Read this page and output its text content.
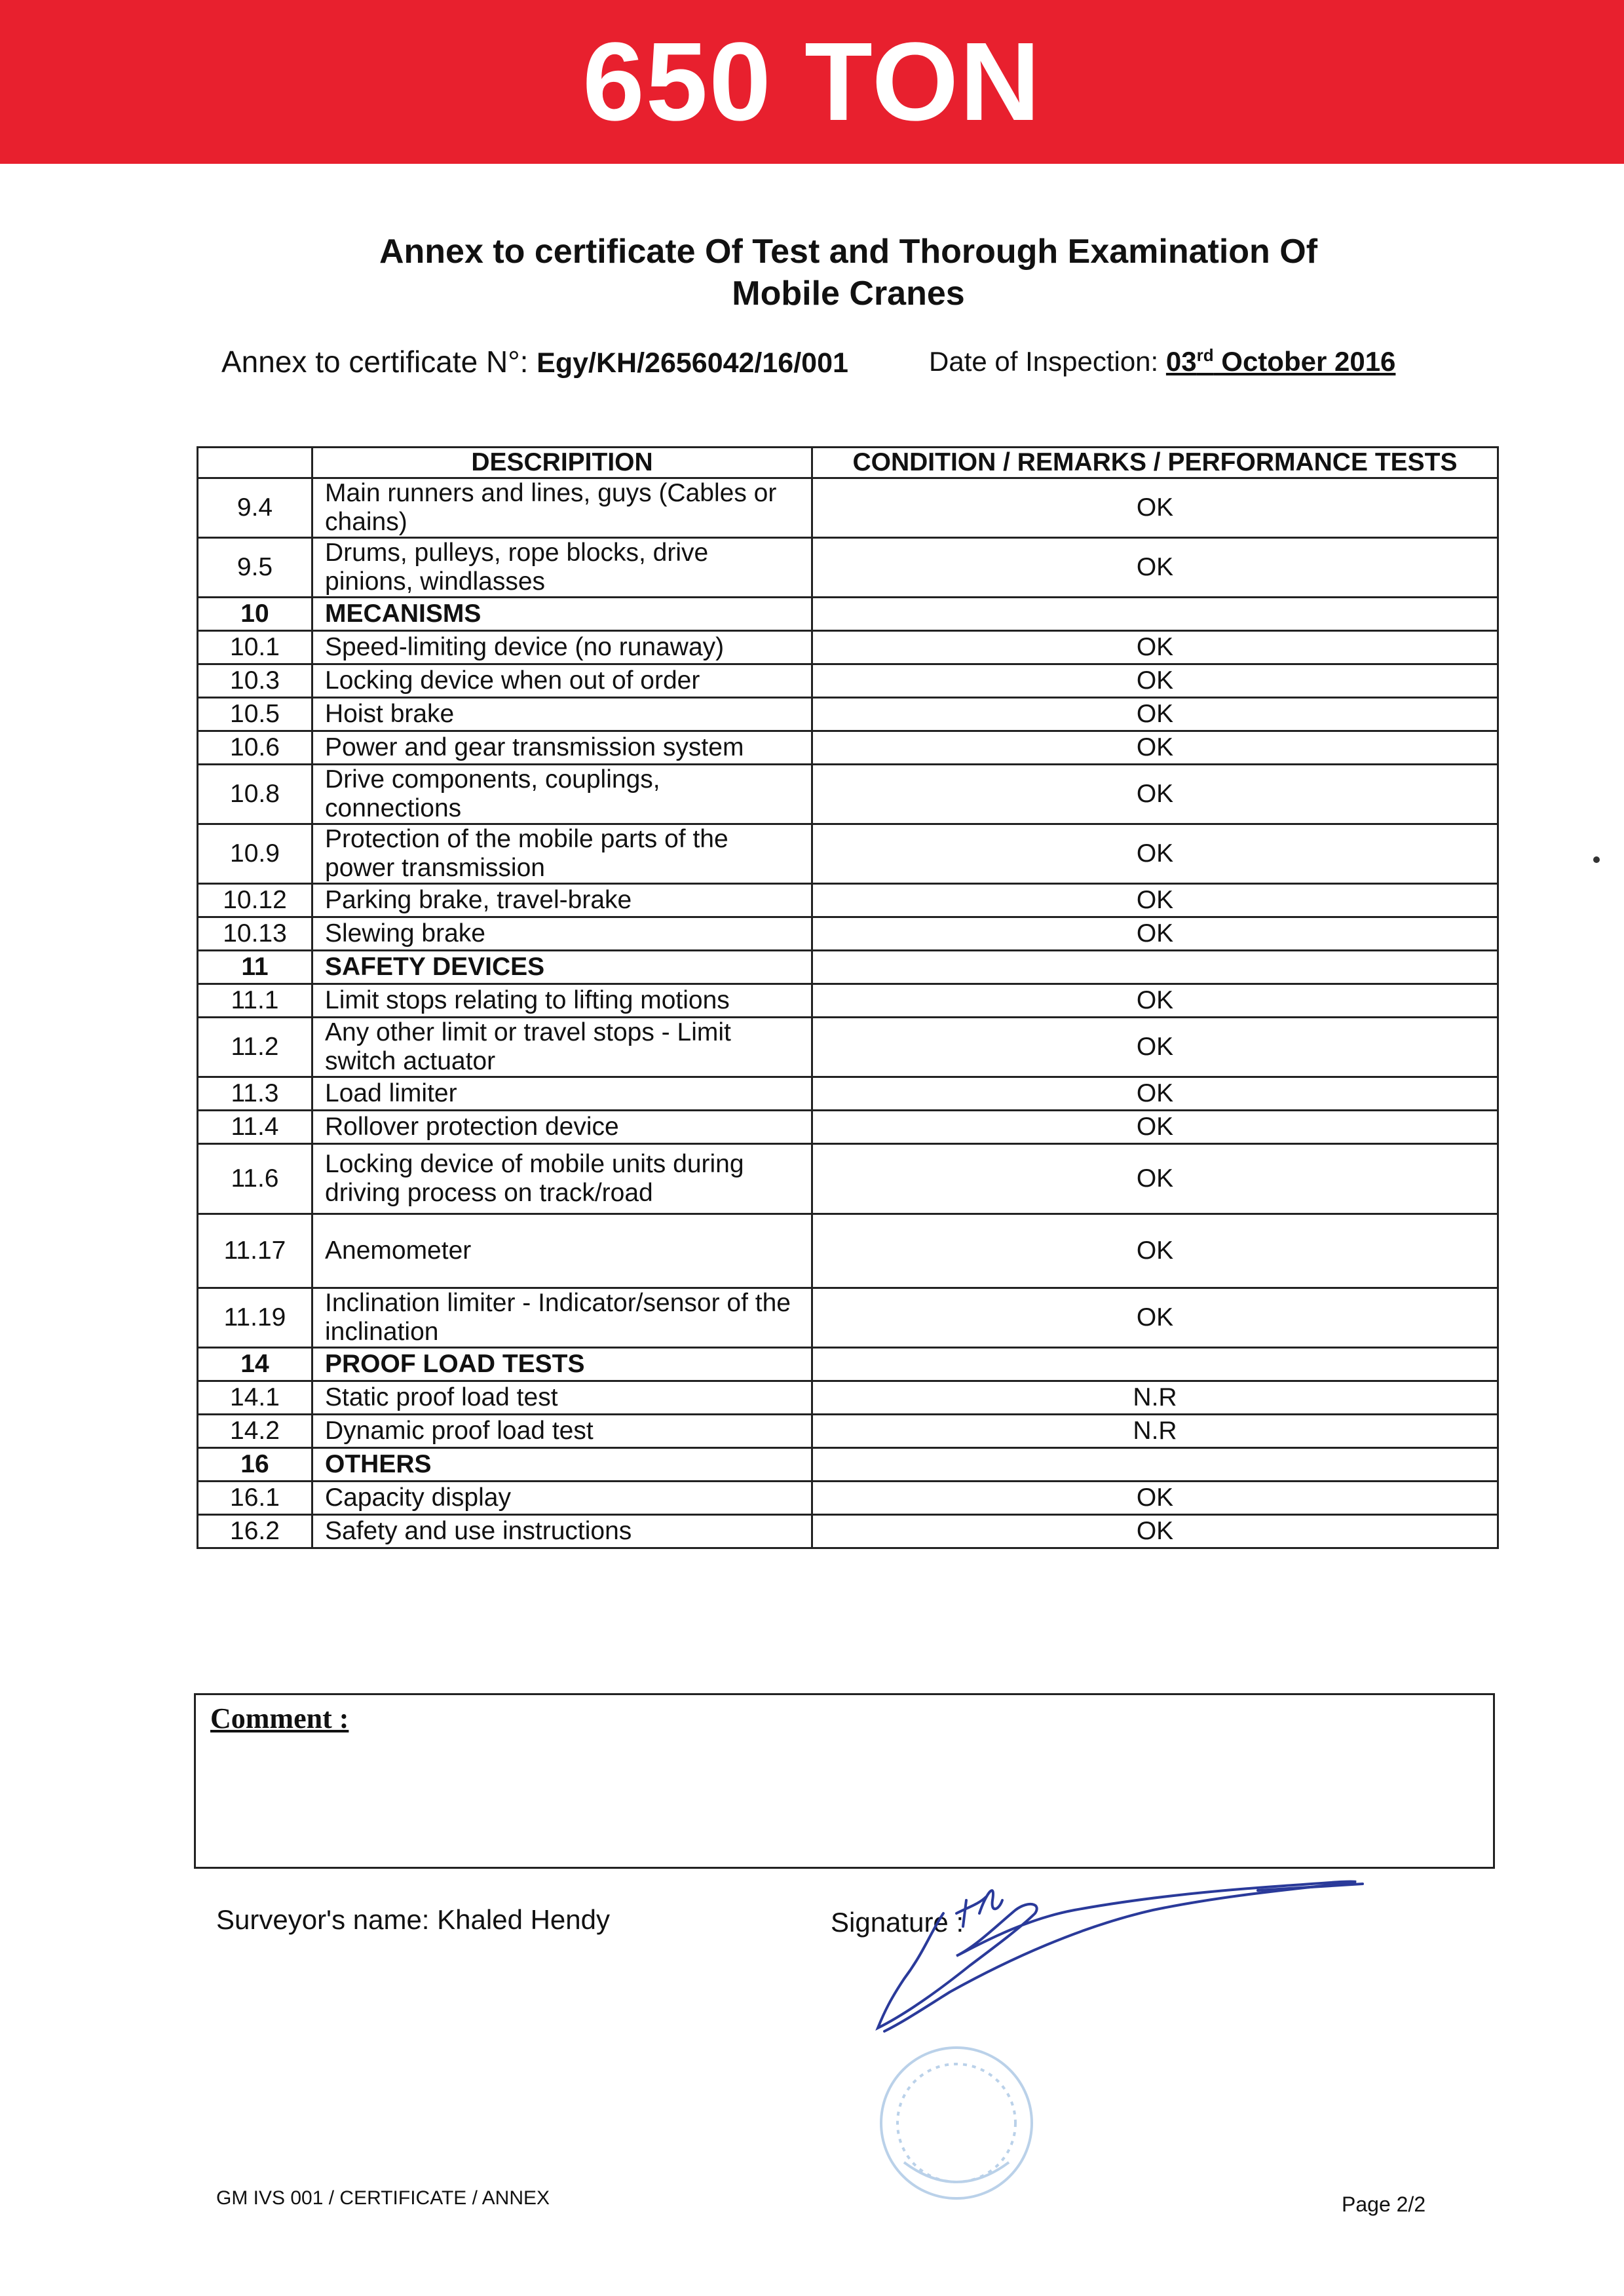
650 TON
Annex to certificate Of Test and Thorough Examination Of
Mobile Cranes
Annex to certificate N°: Egy/KH/2656042/16/001	Date of Inspection: 03rd October 2016
	DESCRIPITION	CONDITION / REMARKS / PERFORMANCE TESTS
9.4	Main runners and lines, guys (Cables or chains)	OK
9.5	Drums, pulleys, rope blocks, drive pinions, windlasses	OK
10	MECANISMS	
10.1	Speed-limiting device (no runaway)	OK
10.3	Locking device when out of order	OK
10.5	Hoist brake	OK
10.6	Power and gear transmission system	OK
10.8	Drive components, couplings, connections	OK
10.9	Protection of the mobile parts of the power transmission	OK
10.12	Parking brake, travel-brake	OK
10.13	Slewing brake	OK
11	SAFETY DEVICES	
11.1	Limit stops relating to lifting motions	OK
11.2	Any other limit or travel stops - Limit switch actuator	OK
11.3	Load limiter	OK
11.4	Rollover protection device	OK
11.6	Locking device of mobile units during driving process on track/road	OK
11.17	Anemometer	OK
11.19	Inclination limiter - Indicator/sensor of the inclination	OK
14	PROOF LOAD TESTS	
14.1	Static proof load test	N.R
14.2	Dynamic proof load test	N.R
16	OTHERS	
16.1	Capacity display	OK
16.2	Safety and use instructions	OK
Comment :
Surveyor's name: Khaled Hendy	Signature :
GM IVS 001 / CERTIFICATE / ANNEX	Page 2/2
